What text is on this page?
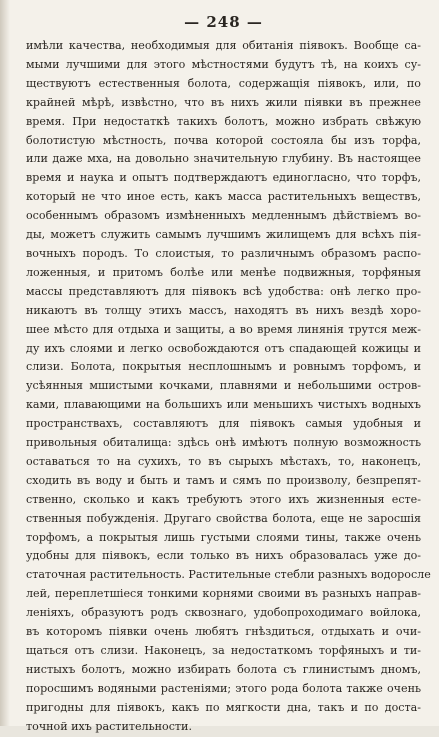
— 248 —
имѣли качества, необходимыя для обитанія піявокъ. Вообще са-
мыми лучшими для этого мѣстностями будутъ тѣ, на коихъ су-
ществуютъ естественныя болота, содержащія піявокъ, или, по
крайней мѣрѣ, извѣстно, что въ нихъ жили піявки въ прежнее
время. При недостаткѣ такихъ болотъ, можно избрать свѣжую
болотистую мѣстность, почва которой состояла бы изъ торфа,
или даже мха, на довольно значительную глубину. Въ настоящее
время и наука и опытъ подтверждаютъ единогласно, что торфъ,
который не что иное есть, какъ масса растительныхъ веществъ,
особеннымъ образомъ измѣненныхъ медленнымъ дѣйствіемъ во-
ды, можетъ служить самымъ лучшимъ жилищемъ для всѣхъ пія-
вочныхъ породъ. То слоистыя, то различнымъ образомъ распо-
ложенныя, и притомъ болѣе или менѣе подвижныя, торфяныя
массы представляютъ для піявокъ всѣ удобства: онѣ легко про-
никаютъ въ толщу этихъ массъ, находятъ въ нихъ вездѣ хоро-
шее мѣсто для отдыха и защиты, а во время линянія трутся меж-
ду ихъ слоями и легко освобождаются отъ спадающей кожицы и
слизи. Болота, покрытыя несплошнымъ и ровнымъ торфомъ, и
усѣянныя мшистыми кочками, плавнями и небольшими остров-
ками, плавающими на большихъ или меньшихъ чистыхъ водныхъ
пространствахъ, составляютъ для піявокъ самыя удобныя и
привольныя обиталища: здѣсь онѣ имѣютъ полную возможность
оставаться то на сухихъ, то въ сырыхъ мѣстахъ, то, наконецъ,
сходить въ воду и быть и тамъ и сямъ по произволу, безпрепят-
ственно, сколько и какъ требуютъ этого ихъ жизненныя есте-
ственныя побужденія. Другаго свойства болота, еще не заросшія
торфомъ, а покрытыя лишь густыми слоями тины, также очень
удобны для піявокъ, если только въ нихъ образовалась уже до-
статочная растительность. Растительные стебли разныхъ водоросле
лей, переплетшіеся тонкими корнями своими въ разныхъ направ-
леніяхъ, образуютъ родъ сквознаго, удобопроходимаго войлока,
въ которомъ піявки очень любятъ гнѣздиться, отдыхать и очи-
щаться отъ слизи. Наконецъ, за недостаткомъ торфяныхъ и ти-
нистыхъ болотъ, можно избирать болота съ глинистымъ дномъ,
поросшимъ водяными растеніями; этого рода болота также очень
пригодны для піявокъ, какъ по мягкости дна, такъ и по доста-
точной ихъ растительности.
